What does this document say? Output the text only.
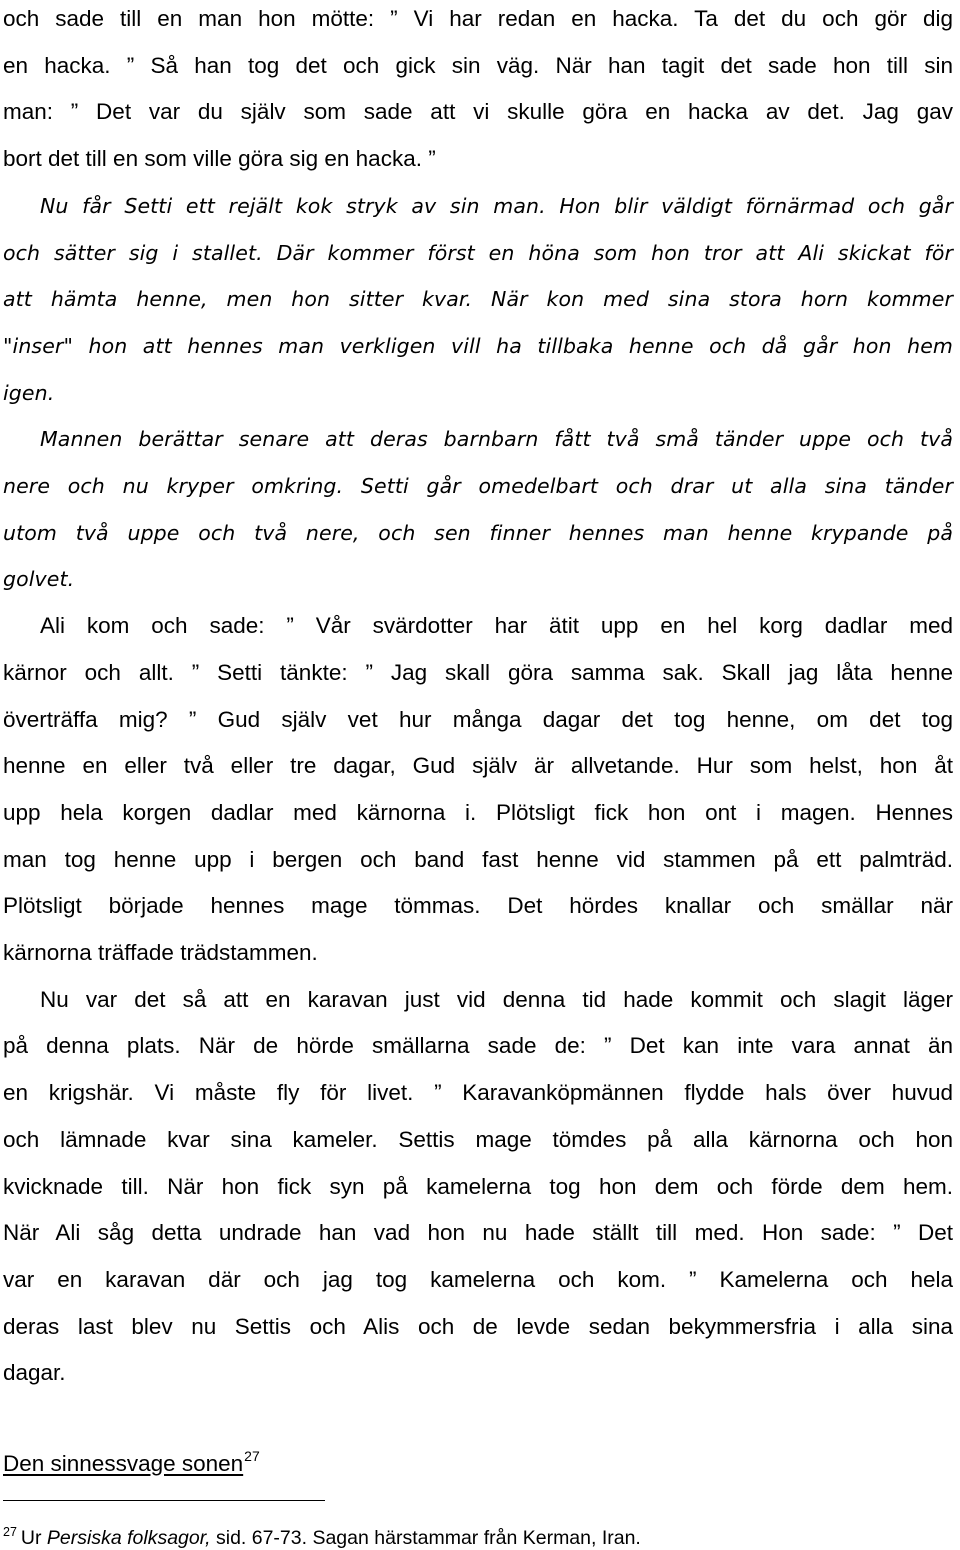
och sade till en man hon mötte: ” Vi har redan en hacka. Ta det du och gör dig

en hacka. ” Så han tog det och gick sin väg. När han tagit det sade hon till sin

man: ” Det var du själv som sade att vi skulle göra en hacka av det. Jag gav

bort det till en som ville göra sig en hacka. ”

Nu får Setti ett rejält kok stryk av sin man. Hon blir väldigt förnärmad och går

och sätter sig i stallet. Där kommer först en höna som hon tror att Ali skickat för

att hämta henne, men hon sitter kvar. När kon med sina stora horn kommer

"inser" hon att hennes man verkligen vill ha tillbaka henne och då går hon hem

igen.

Mannen berättar senare att deras barnbarn fått två små tänder uppe och två

nere och nu kryper omkring. Setti går omedelbart och drar ut alla sina tänder

utom två uppe och två nere, och sen finner hennes man henne krypande på

golvet.

Ali kom och sade: ” Vår svärdotter har ätit upp en hel korg dadlar med

kärnor och allt. ” Setti tänkte: ” Jag skall göra samma sak. Skall jag låta henne

överträffa mig? ” Gud själv vet hur många dagar det tog henne, om det tog

henne en eller två eller tre dagar, Gud själv är allvetande. Hur som helst, hon åt

upp hela korgen dadlar med kärnorna i. Plötsligt fick hon ont i magen. Hennes

man tog henne upp i bergen och band fast henne vid stammen på ett palmträd.

Plötsligt började hennes mage tömmas. Det hördes knallar och smällar när

kärnorna träffade trädstammen.

Nu var det så att en karavan just vid denna tid hade kommit och slagit läger

på denna plats. När de hörde smällarna sade de: ” Det kan inte vara annat än

en krigshär. Vi måste fly för livet. ” Karavanköpmännen flydde hals över huvud

och lämnade kvar sina kameler. Settis mage tömdes på alla kärnorna och hon

kvicknade till. När hon fick syn på kamelerna tog hon dem och förde dem hem.

När Ali såg detta undrade han vad hon nu hade ställt till med. Hon sade: ” Det

var en karavan där och jag tog kamelerna och kom. ” Kamelerna och hela

deras last blev nu Settis och Alis och de levde sedan bekymmersfria i alla sina

dagar.

Den sinnessvage sonen27
$^{27}$ Ur Persiska folksagor, sid. 67-73. Sagan härstammar från Kerman, Iran.
